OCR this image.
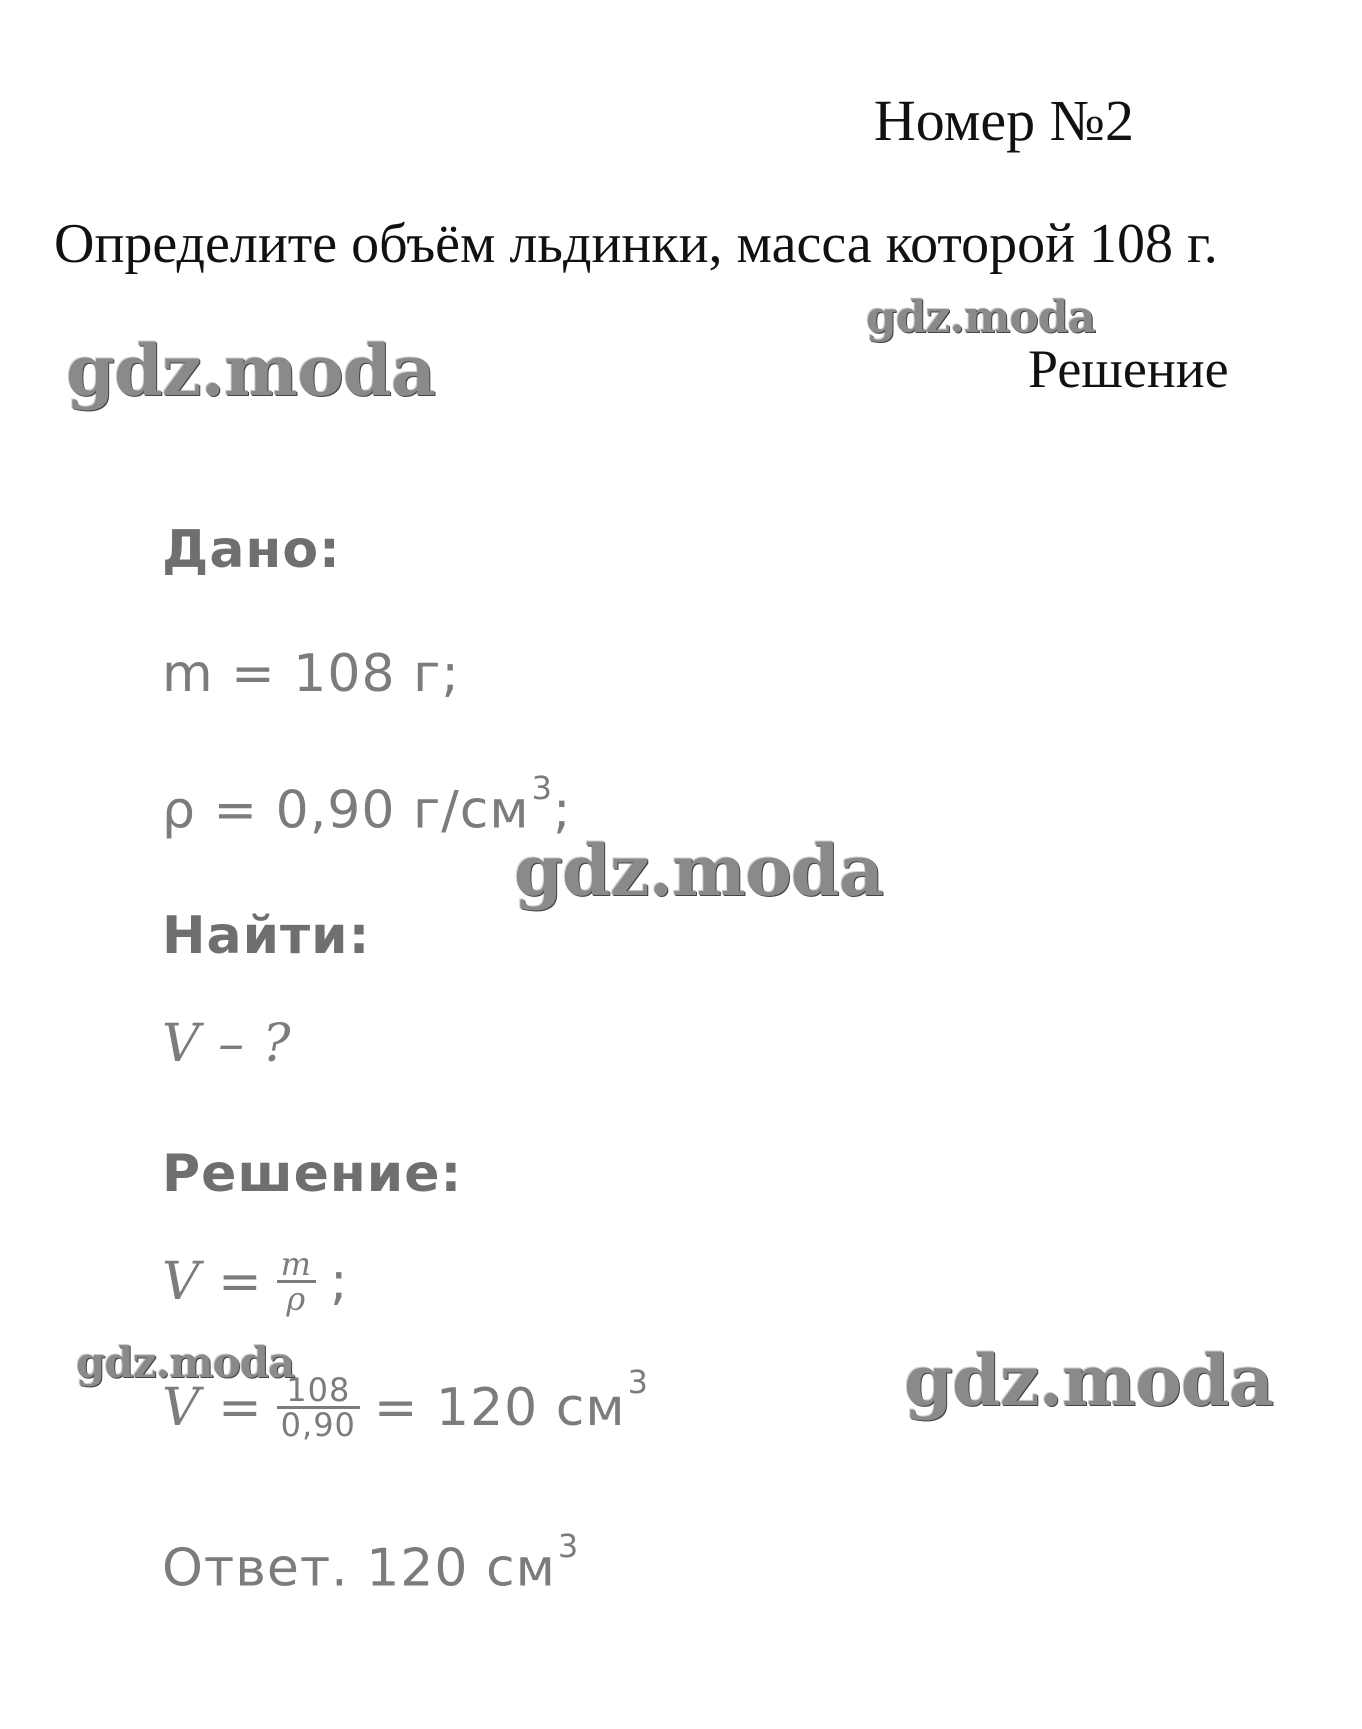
Номер №2
Определите объём льдинки, масса которой 108 г.
Решение
gdz.moda
gdz.moda
gdz.moda
gdz.moda	gdz.moda
Дано:
m = 108 г;
ρ = 0,90 $г/см^3$;
Найти:
V – ?
Решение:
$V = \frac{m}{\rho}$ ;
$V = \frac{108}{0,90} = 120$ $см^3$
Ответ. 120 $см^3$
